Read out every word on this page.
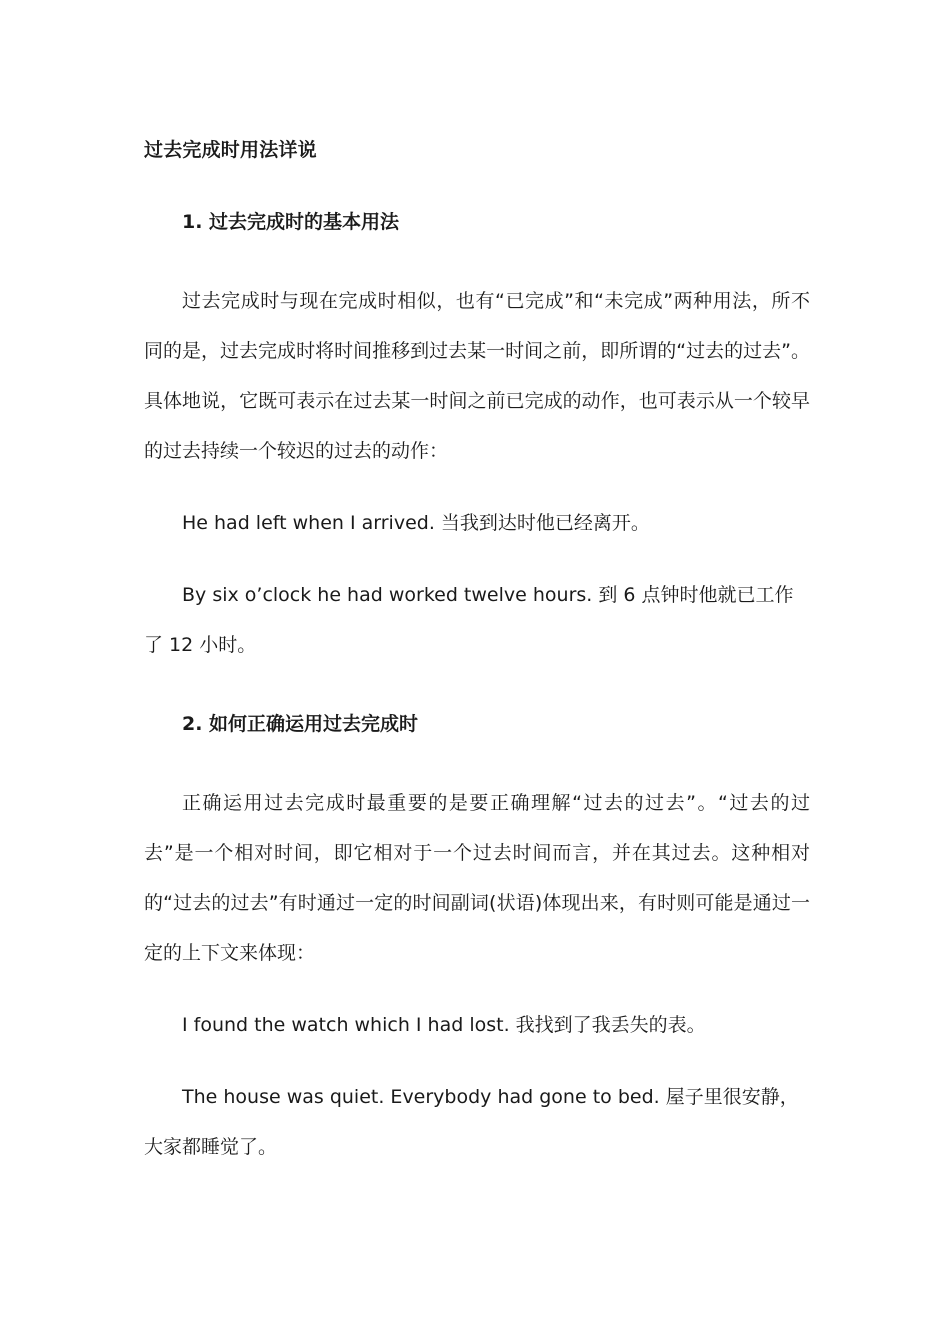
过去完成时用法详说
1. 过去完成时的基本用法

过去完成时与现在完成时相似，也有“已完成”和“未完成”两种用法，所不同的是，过去完成时将时间推移到过去某一时间之前，即所谓的“过去的过去”。具体地说，它既可表示在过去某一时间之前已完成的动作，也可表示从一个较早的过去持续一个较迟的过去的动作：

He had left when I arrived. 当我到达时他已经离开。

By six o’clock he had worked twelve hours. 到 6 点钟时他就已工作了 12 小时。

2. 如何正确运用过去完成时

正确运用过去完成时最重要的是要正确理解“过去的过去”。“过去的过去”是一个相对时间，即它相对于一个过去时间而言，并在其过去。这种相对的“过去的过去”有时通过一定的时间副词(状语)体现出来，有时则可能是通过一定的上下文来体现：

I found the watch which I had lost. 我找到了我丢失的表。

The house was quiet. Everybody had gone to bed. 屋子里很安静，大家都睡觉了。
